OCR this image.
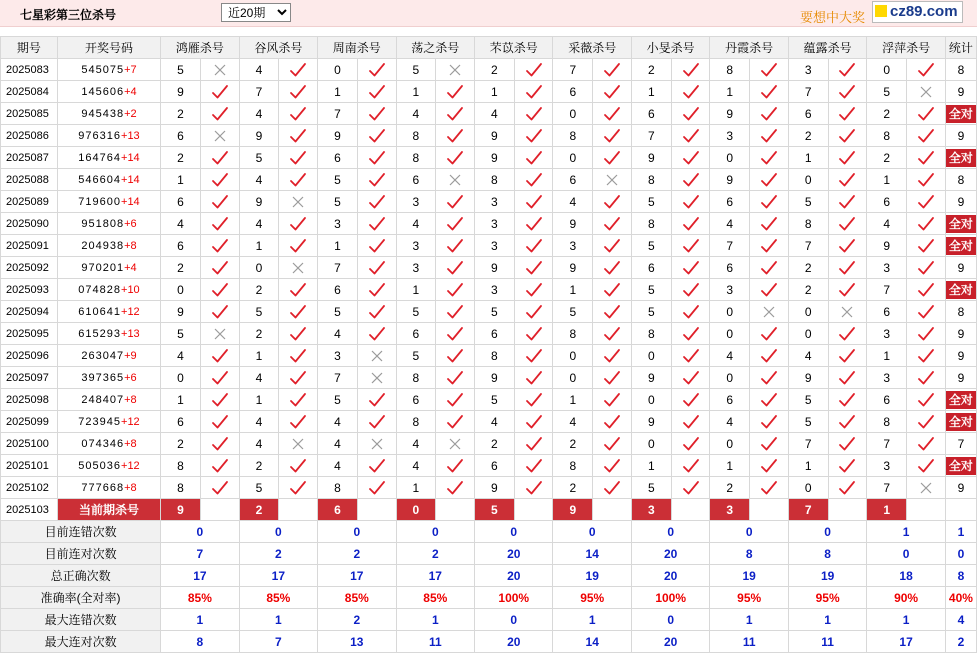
七星彩第三位杀号
近20期	要想中大奖	cz89.com
期号	开奖号码	鸿雁杀号		谷风杀号		周南杀号		荡之杀号		芣苡杀号		采薇杀号		小旻杀号		丹霞杀号		蕴露杀号		浮萍杀号		统计
2025083	545075+7	5		4		0		5		2		7		2		8		3		0		8
2025084	145606+4	9		7		1		1		1		6		1		1		7		5		9
2025085	945438+2	2		4		7		4		4		0		6		9		6		2		全对
2025086	976316+13	6		9		9		8		9		8		7		3		2		8		9
2025087	164764+14	2		5		6		8		9		0		9		0		1		2		全对
2025088	546604+14	1		4		5		6		8		6		8		9		0		1		8
2025089	719600+14	6		9		5		3		3		4		5		6		5		6		9
2025090	951808+6	4		4		3		4		3		9		8		4		8		4		全对
2025091	204938+8	6		1		1		3		3		3		5		7		7		9		全对
2025092	970201+4	2		0		7		3		9		9		6		6		2		3		9
2025093	074828+10	0		2		6		1		3		1		5		3		2		7		全对
2025094	610641+12	9		5		5		5		5		5		5		0		0		6		8
2025095	615293+13	5		2		4		6		6		8		8		0		0		3		9
2025096	263047+9	4		1		3		5		8		0		0		4		4		1		9
2025097	397365+6	0		4		7		8		9		0		9		0		9		3		9
2025098	248407+8	1		1		5		6		5		1		0		6		5		6		全对
2025099	723945+12	6		4		4		8		4		4		9		4		5		8		全对
2025100	074346+8	2		4		4		4		2		2		0		0		7		7		7
2025101	505036+12	8		2		4		4		6		8		1		1		1		3		全对
2025102	777668+8	8		5		8		1		9		2		5		2		0		7		9
2025103	当前期杀号	9		2		6		0		5		9		3		3		7		1		
目前连错次数		0		0		0		0		0		0		0		0		0		1		1
目前连对次数		7		2		2		2		20		14		20		8		8		0		0
总正确次数		17		17		17		17		20		19		20		19		19		18		8
准确率(全对率)		85%		85%		85%		85%		100%		95%		100%		95%		95%		90%		40%
最大连错次数		1		1		2		1		0		1		0		1		1		1		4
最大连对次数		8		7		13		11		20		14		20		11		11		17		2
